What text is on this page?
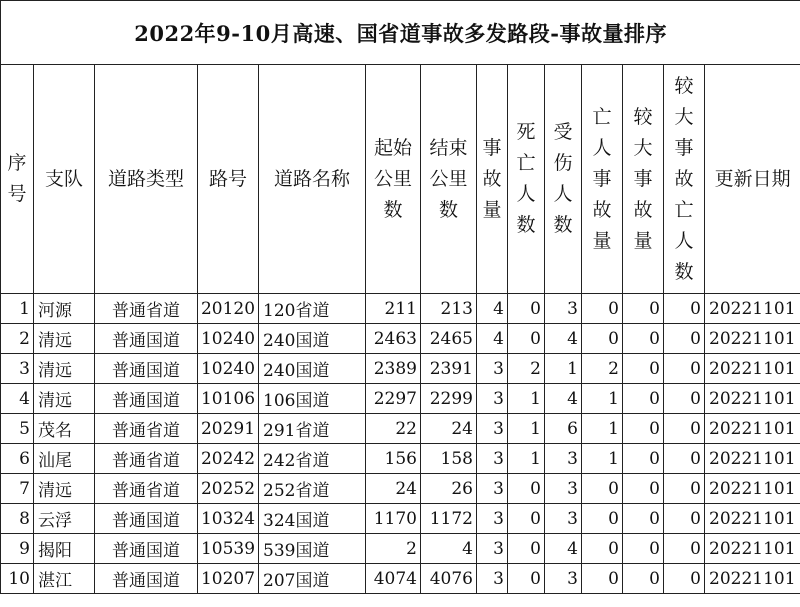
2022年9-10月高速、国省道事故多发路段-事故量排序													

序号	支队	道路类型	路号	道路名称	起始公里数	结束公里数	事故量	死亡人数	受伤人数	亡人事故量	较大事故量	较大事故亡人数	更新日期

1	河源	普通省道	20120	120省道	211	213	4	0	3	0	0	0	20221101
2	清远	普通国道	10240	240国道	2463	2465	4	0	4	0	0	0	20221101
3	清远	普通国道	10240	240国道	2389	2391	3	2	1	2	0	0	20221101
4	清远	普通国道	10106	106国道	2297	2299	3	1	4	1	0	0	20221101
5	茂名	普通省道	20291	291省道	22	24	3	1	6	1	0	0	20221101
6	汕尾	普通省道	20242	242省道	156	158	3	1	3	1	0	0	20221101
7	清远	普通省道	20252	252省道	24	26	3	0	3	0	0	0	20221101
8	云浮	普通国道	10324	324国道	1170	1172	3	0	3	0	0	0	20221101
9	揭阳	普通国道	10539	539国道	2	4	3	0	4	0	0	0	20221101
10	湛江	普通国道	10207	207国道	4074	4076	3	0	3	0	0	0	20221101
